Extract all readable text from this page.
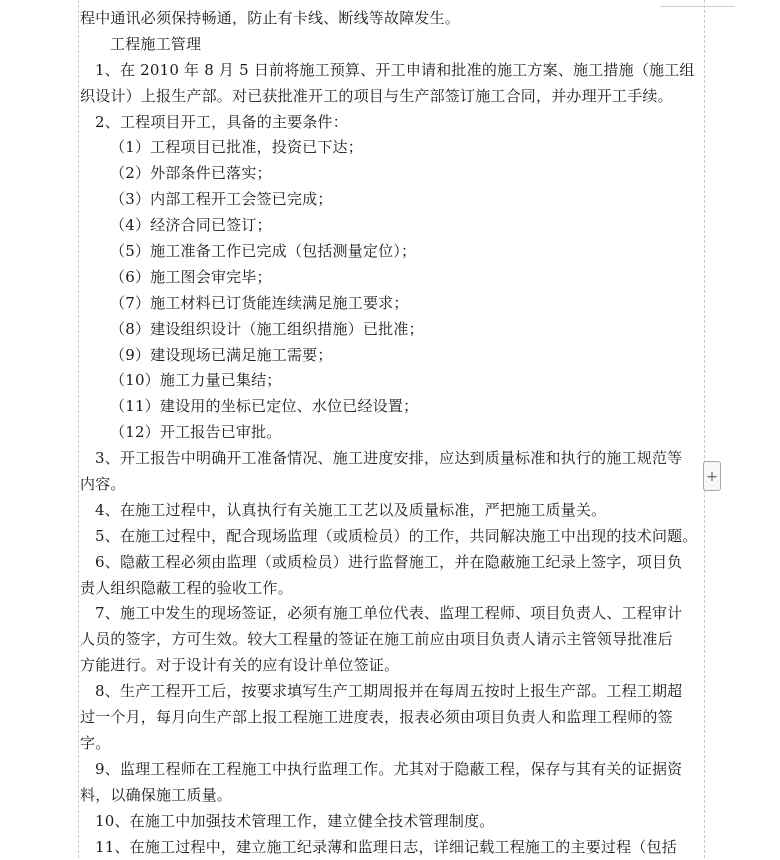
程中通讯必须保持畅通，防止有卡线、断线等故障发生。
工程施工管理
1、在 2010 年 8 月 5 日前将施工预算、开工申请和批准的施工方案、施工措施（施工组
织设计）上报生产部。对已获批准开工的项目与生产部签订施工合同，并办理开工手续。
2、工程项目开工，具备的主要条件：
（1）工程项目已批准，投资已下达；
（2）外部条件已落实；
（3）内部工程开工会签已完成；
（4）经济合同已签订；
（5）施工准备工作已完成（包括测量定位）；
（6）施工图会审完毕；
（7）施工材料已订货能连续满足施工要求；
（8）建设组织设计（施工组织措施）已批准；
（9）建设现场已满足施工需要；
（10）施工力量已集结；
（11）建设用的坐标已定位、水位已经设置；
（12）开工报告已审批。
3、开工报告中明确开工准备情况、施工进度安排，应达到质量标准和执行的施工规范等
内容。
4、在施工过程中，认真执行有关施工工艺以及质量标准，严把施工质量关。
5、在施工过程中，配合现场监理（或质检员）的工作，共同解决施工中出现的技术问题。
6、隐蔽工程必须由监理（或质检员）进行监督施工，并在隐蔽施工纪录上签字，项目负
责人组织隐蔽工程的验收工作。
7、施工中发生的现场签证，必须有施工单位代表、监理工程师、项目负责人、工程审计
人员的签字，方可生效。较大工程量的签证在施工前应由项目负责人请示主管领导批准后
方能进行。对于设计有关的应有设计单位签证。
8、生产工程开工后，按要求填写生产工期周报并在每周五按时上报生产部。工程工期超
过一个月，每月向生产部上报工程施工进度表，报表必须由项目负责人和监理工程师的签
字。
9、监理工程师在工程施工中执行监理工作。尤其对于隐蔽工程，保存与其有关的证据资
料，以确保施工质量。
10、在施工中加强技术管理工作，建立健全技术管理制度。
11、在施工过程中，建立施工纪录薄和监理日志，详细记载工程施工的主要过程（包括
+
